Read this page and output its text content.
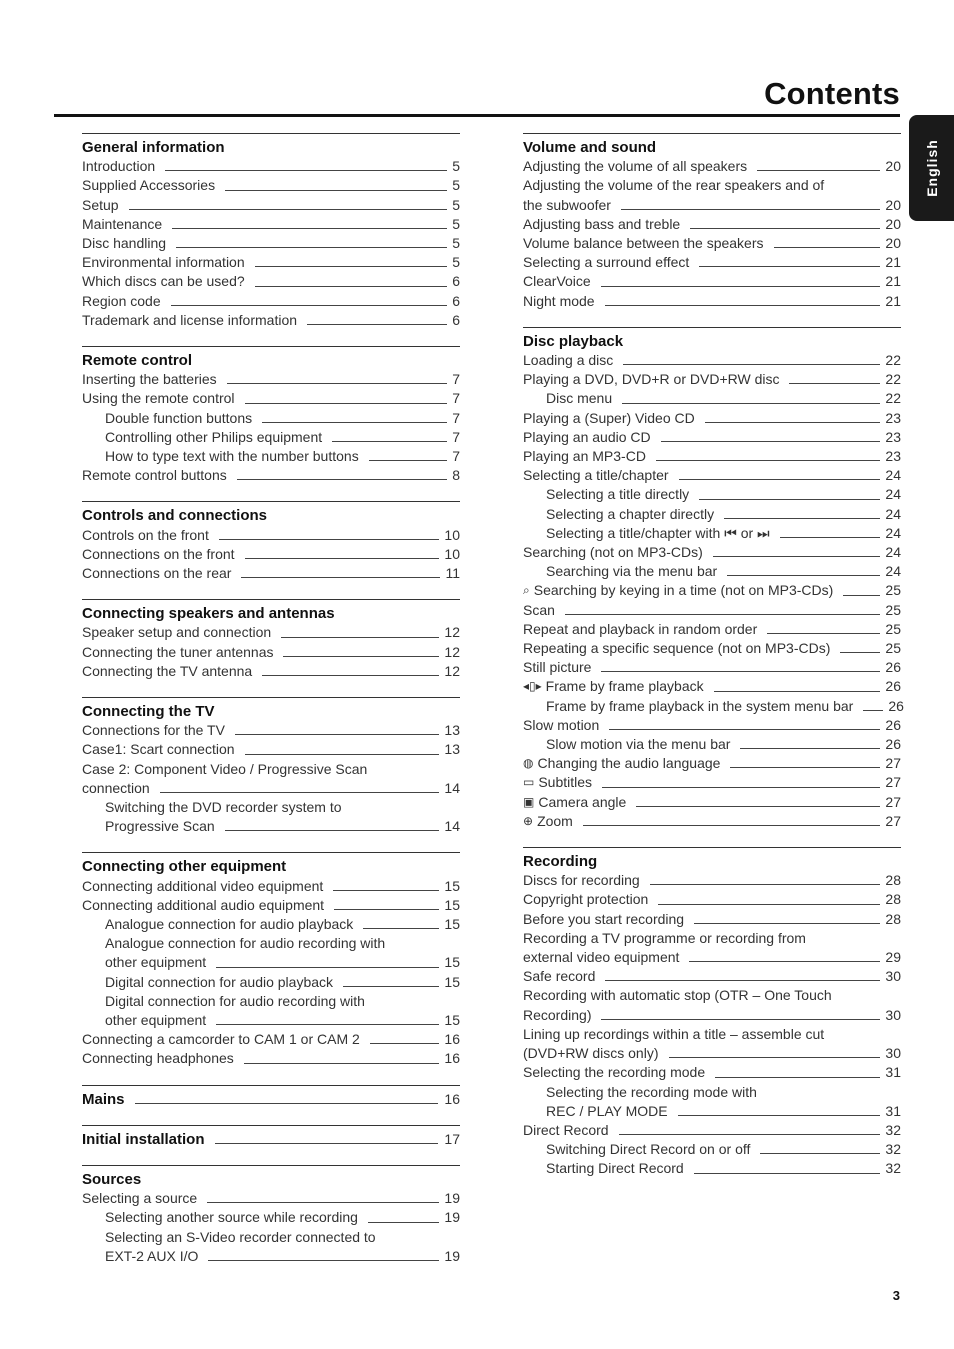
Contents
English
General information
Introduction	5
Supplied Accessories	5
Setup	5
Maintenance	5
Disc handling	5
Environmental information	5
Which discs can be used?	6
Region code	6
Trademark and license information	6
Remote control
Inserting the batteries	7
Using the remote control	7
Double function buttons	7
Controlling other Philips equipment	7
How to type text with the number buttons	7
Remote control buttons	8
Controls and connections
Controls on the front	10
Connections on the front	10
Connections on the rear	11
Connecting speakers and antennas
Speaker setup and connection	12
Connecting the tuner antennas	12
Connecting the TV antenna	12
Connecting the TV
Connections for the TV	13
Case1: Scart connection	13
Case 2: Component Video / Progressive Scan
connection	14
Switching the DVD recorder system to
Progressive Scan	14
Connecting other equipment
Connecting additional video equipment	15
Connecting additional audio equipment	15
Analogue connection for audio playback	15
Analogue connection for audio recording with
other equipment	15
Digital connection for audio playback	15
Digital connection for audio recording with
other equipment	15
Connecting a camcorder to CAM 1 or CAM 2	16
Connecting headphones	16
Mains	16
Initial installation	17
Sources
Selecting a source	19
Selecting another source while recording	19
Selecting an S-Video recorder connected to
EXT-2 AUX I/O	19
Volume and sound
Adjusting the volume of all speakers	20
Adjusting the volume of the rear speakers and of
the subwoofer	20
Adjusting bass and treble	20
Volume balance between the speakers	20
Selecting a surround effect	21
ClearVoice	21
Night mode	21
Disc playback
Loading a disc	22
Playing a DVD, DVD+R or DVD+RW disc	22
Disc menu	22
Playing a (Super) Video CD	23
Playing an audio CD	23
Playing an MP3-CD	23
Selecting a title/chapter	24
Selecting a title directly	24
Selecting a chapter directly	24
Selecting a title/chapter with ⏮ or ⏭	24
Searching (not on MP3-CDs)	24
Searching via the menu bar	24
⌕ Searching by keying in a time (not on MP3-CDs)	25
Scan	25
Repeat and playback in random order	25
Repeating a specific sequence (not on MP3-CDs)	25
Still picture	26
◂▯▸ Frame by frame playback	26
Frame by frame playback in the system menu bar	26
Slow motion	26
Slow motion via the menu bar	26
◍ Changing the audio language	27
▭ Subtitles	27
▣ Camera angle	27
⊕ Zoom	27
Recording
Discs for recording	28
Copyright protection	28
Before you start recording	28
Recording a TV programme or recording from
external video equipment	29
Safe record	30
Recording with automatic stop (OTR – One Touch
Recording)	30
Lining up recordings within a title – assemble cut
(DVD+RW discs only)	30
Selecting the recording mode	31
Selecting the recording mode with
REC / PLAY MODE	31
Direct Record	32
Switching Direct Record on or off	32
Starting Direct Record	32
3
